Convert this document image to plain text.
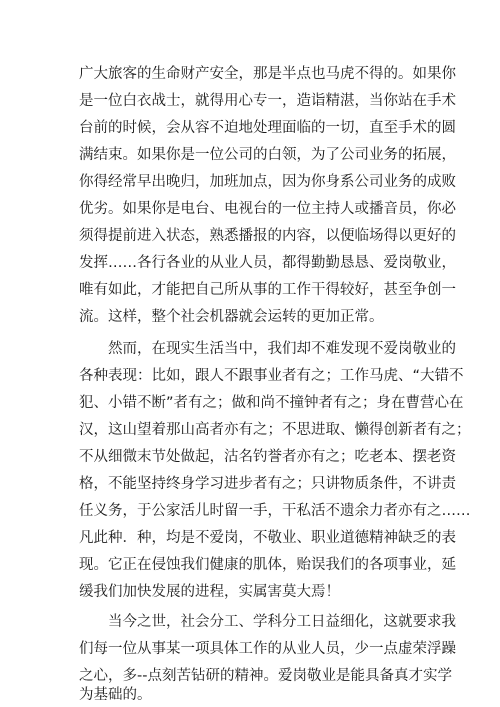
广大旅客的生命财产安全，那是半点也马虎不得的。如果你
是一位白衣战士，就得用心专一，造诣精湛，当你站在手术
台前的时候，会从容不迫地处理面临的一切，直至手术的圆
满结束。如果你是一位公司的白领，为了公司业务的拓展，
你得经常早出晚归，加班加点，因为你身系公司业务的成败
优劣。如果你是电台、电视台的一位主持人或播音员，你必
须得提前进入状态，熟悉播报的内容，以便临场得以更好的
发挥……各行各业的从业人员，都得勤勤恳恳、爱岗敬业，
唯有如此，才能把自己所从事的工作干得较好，甚至争创一
流。这样，整个社会机器就会运转的更加正常。
然而，在现实生活当中，我们却不难发现不爱岗敬业的
各种表现：比如，跟人不跟事业者有之；工作马虎、“大错不
犯、小错不断”者有之；做和尚不撞钟者有之；身在曹营心在
汉，这山望着那山高者亦有之；不思进取、懒得创新者有之；
不从细微末节处做起，沽名钓誉者亦有之；吃老本、摆老资
格，不能坚持终身学习进步者有之；只讲物质条件，不讲责
任义务，于公家活儿时留一手，干私活不遗余力者亦有之……
凡此种．种，均是不爱岗，不敬业、职业道德精神缺乏的表
现。它正在侵蚀我们健康的肌体，贻误我们的各项事业，延
缓我们加快发展的进程，实属害莫大焉！
当今之世，社会分工、学科分工日益细化，这就要求我
们每一位从事某一项具体工作的从业人员，少一点虚荣浮躁
之心，多--点刻苦钻研的精神。爱岗敬业是能具备真才实学
为基础的。
